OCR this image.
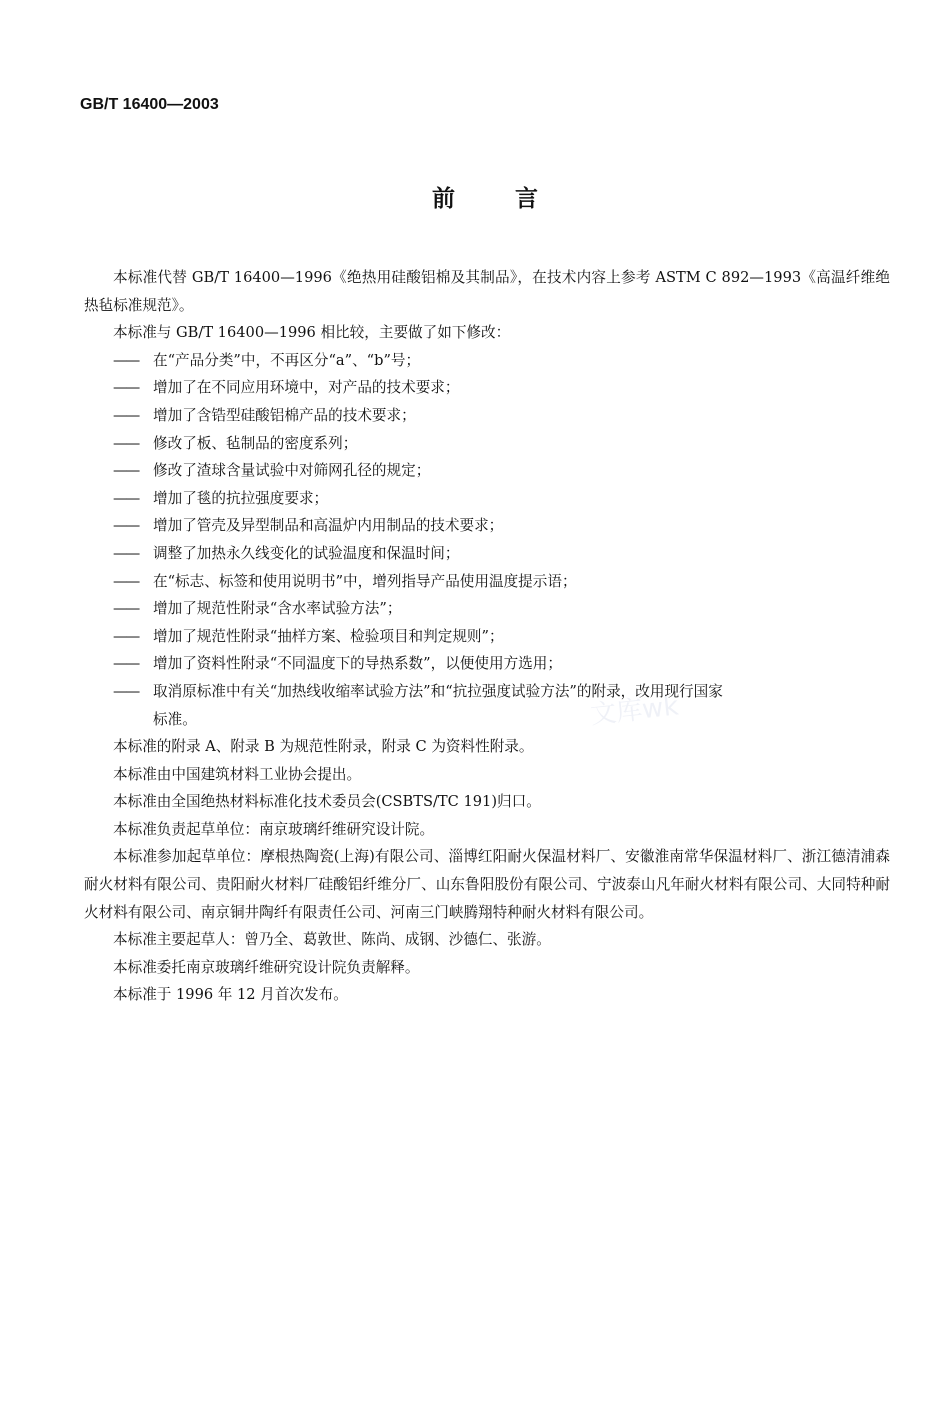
GB/T 16400—2003
前	言
文库wk

本标准代替 GB/T 16400—1996《绝热用硅酸铝棉及其制品》，在技术内容上参考 ASTM C 892—1993《高温纤维绝热毡标准规范》。

本标准与 GB/T 16400—1996 相比较，主要做了如下修改：

—— 在“产品分类”中，不再区分“a”、“b”号；

—— 增加了在不同应用环境中，对产品的技术要求；

—— 增加了含锆型硅酸铝棉产品的技术要求；

—— 修改了板、毡制品的密度系列；

—— 修改了渣球含量试验中对筛网孔径的规定；

—— 增加了毯的抗拉强度要求；

—— 增加了管壳及异型制品和高温炉内用制品的技术要求；

—— 调整了加热永久线变化的试验温度和保温时间；

—— 在“标志、标签和使用说明书”中，增列指导产品使用温度提示语；

—— 增加了规范性附录“含水率试验方法”；

—— 增加了规范性附录“抽样方案、检验项目和判定规则”；

—— 增加了资料性附录“不同温度下的导热系数”，以便使用方选用；

—— 取消原标准中有关“加热线收缩率试验方法”和“抗拉强度试验方法”的附录，改用现行国家
标准。

本标准的附录 A、附录 B 为规范性附录，附录 C 为资料性附录。

本标准由中国建筑材料工业协会提出。

本标准由全国绝热材料标准化技术委员会(CSBTS/TC 191)归口。

本标准负责起草单位：南京玻璃纤维研究设计院。

本标准参加起草单位：摩根热陶瓷(上海)有限公司、淄博红阳耐火保温材料厂、安徽淮南常华保温材料厂、浙江德清浦森耐火材料有限公司、贵阳耐火材料厂硅酸铝纤维分厂、山东鲁阳股份有限公司、宁波泰山凡年耐火材料有限公司、大同特种耐火材料有限公司、南京铜井陶纤有限责任公司、河南三门峡腾翔特种耐火材料有限公司。

本标准主要起草人：曾乃全、葛敦世、陈尚、成钢、沙德仁、张游。

本标准委托南京玻璃纤维研究设计院负责解释。

本标准于 1996 年 12 月首次发布。
